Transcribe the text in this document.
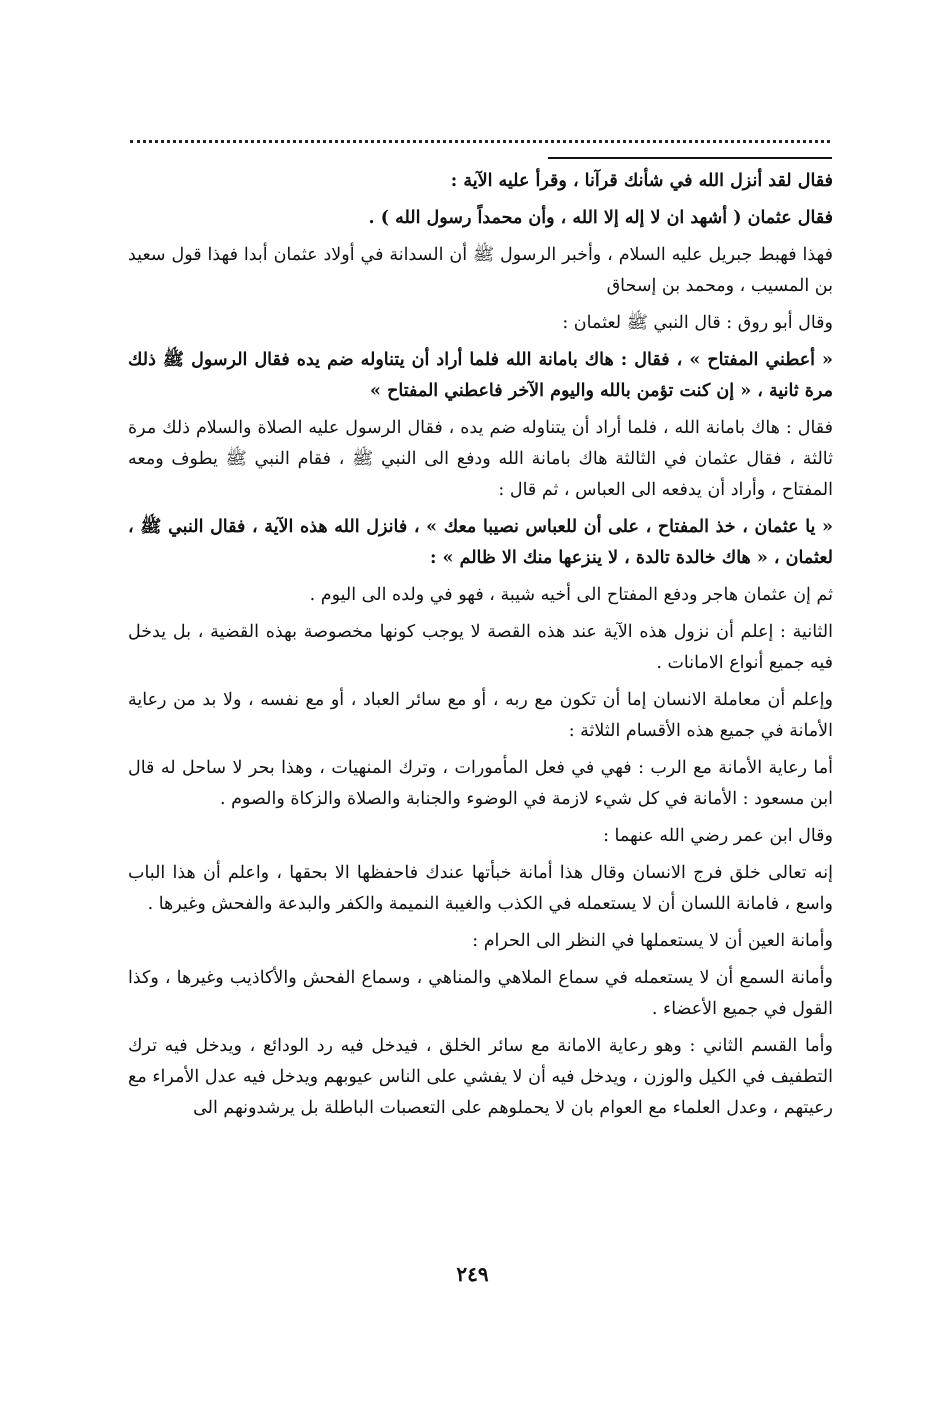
فقال لقد أنزل الله في شأنك قرآنا ، وقرأ عليه الآية :

فقال عثمان ( أشهد ان لا إله إلا الله ، وأن محمداً رسول الله ) .

فهذا فهبط جبريل عليه السلام ، وأخبر الرسول ﷺ أن السدانة في أولاد عثمان أبدا فهذا قول سعيد بن المسيب ، ومحمد بن إسحاق

وقال أبو روق : قال النبي ﷺ لعثمان :

« أعطني المفتاح » ، فقال : هاك بامانة الله فلما أراد أن يتناوله ضم يده فقال الرسول ﷺ ذلك مرة ثانية ، « إن كنت تؤمن بالله واليوم الآخر فاعطني المفتاح »

فقال : هاك بامانة الله ، فلما أراد أن يتناوله ضم يده ، فقال الرسول عليه الصلاة والسلام ذلك مرة ثالثة ، فقال عثمان في الثالثة هاك بامانة الله ودفع الى النبي ﷺ ، فقام النبي ﷺ يطوف ومعه المفتاح ، وأراد أن يدفعه الى العباس ، ثم قال :

« يا عثمان ، خذ المفتاح ، على أن للعباس نصيبا معك » ، فانزل الله هذه الآية ، فقال النبي ﷺ ، لعثمان ، « هاك خالدة تالدة ، لا ينزعها منك الا ظالم » :

ثم إن عثمان هاجر ودفع المفتاح الى أخيه شيبة ، فهو في ولده الى اليوم .

الثانية : إعلم أن نزول هذه الآية عند هذه القصة لا يوجب كونها مخصوصة بهذه القضية ، بل يدخل فيه جميع أنواع الامانات .

وإعلم أن معاملة الانسان إما أن تكون مع ربه ، أو مع سائر العباد ، أو مع نفسه ، ولا بد من رعاية الأمانة في جميع هذه الأقسام الثلاثة :

أما رعاية الأمانة مع الرب : فهي في فعل المأمورات ، وترك المنهيات ، وهذا بحر لا ساحل له قال ابن مسعود : الأمانة في كل شيء لازمة في الوضوء والجنابة والصلاة والزكاة والصوم .

وقال ابن عمر رضي الله عنهما :

إنه تعالى خلق فرج الانسان وقال هذا أمانة خبأتها عندك فاحفظها الا بحقها ، واعلم أن هذا الباب واسع ، فامانة اللسان أن لا يستعمله في الكذب والغيبة النميمة والكفر والبدعة والفحش وغيرها .

وأمانة العين أن لا يستعملها في النظر الى الحرام :

وأمانة السمع أن لا يستعمله في سماع الملاهي والمناهي ، وسماع الفحش والأكاذيب وغيرها ، وكذا القول في جميع الأعضاء .

وأما القسم الثاني : وهو رعاية الامانة مع سائر الخلق ، فيدخل فيه رد الودائع ، ويدخل فيه ترك التطفيف في الكيل والوزن ، ويدخل فيه أن لا يفشي على الناس عيوبهم ويدخل فيه عدل الأمراء مع رعيتهم ، وعدل العلماء مع العوام بان لا يحملوهم على التعصبات الباطلة بل يرشدونهم الى

٢٤٩
